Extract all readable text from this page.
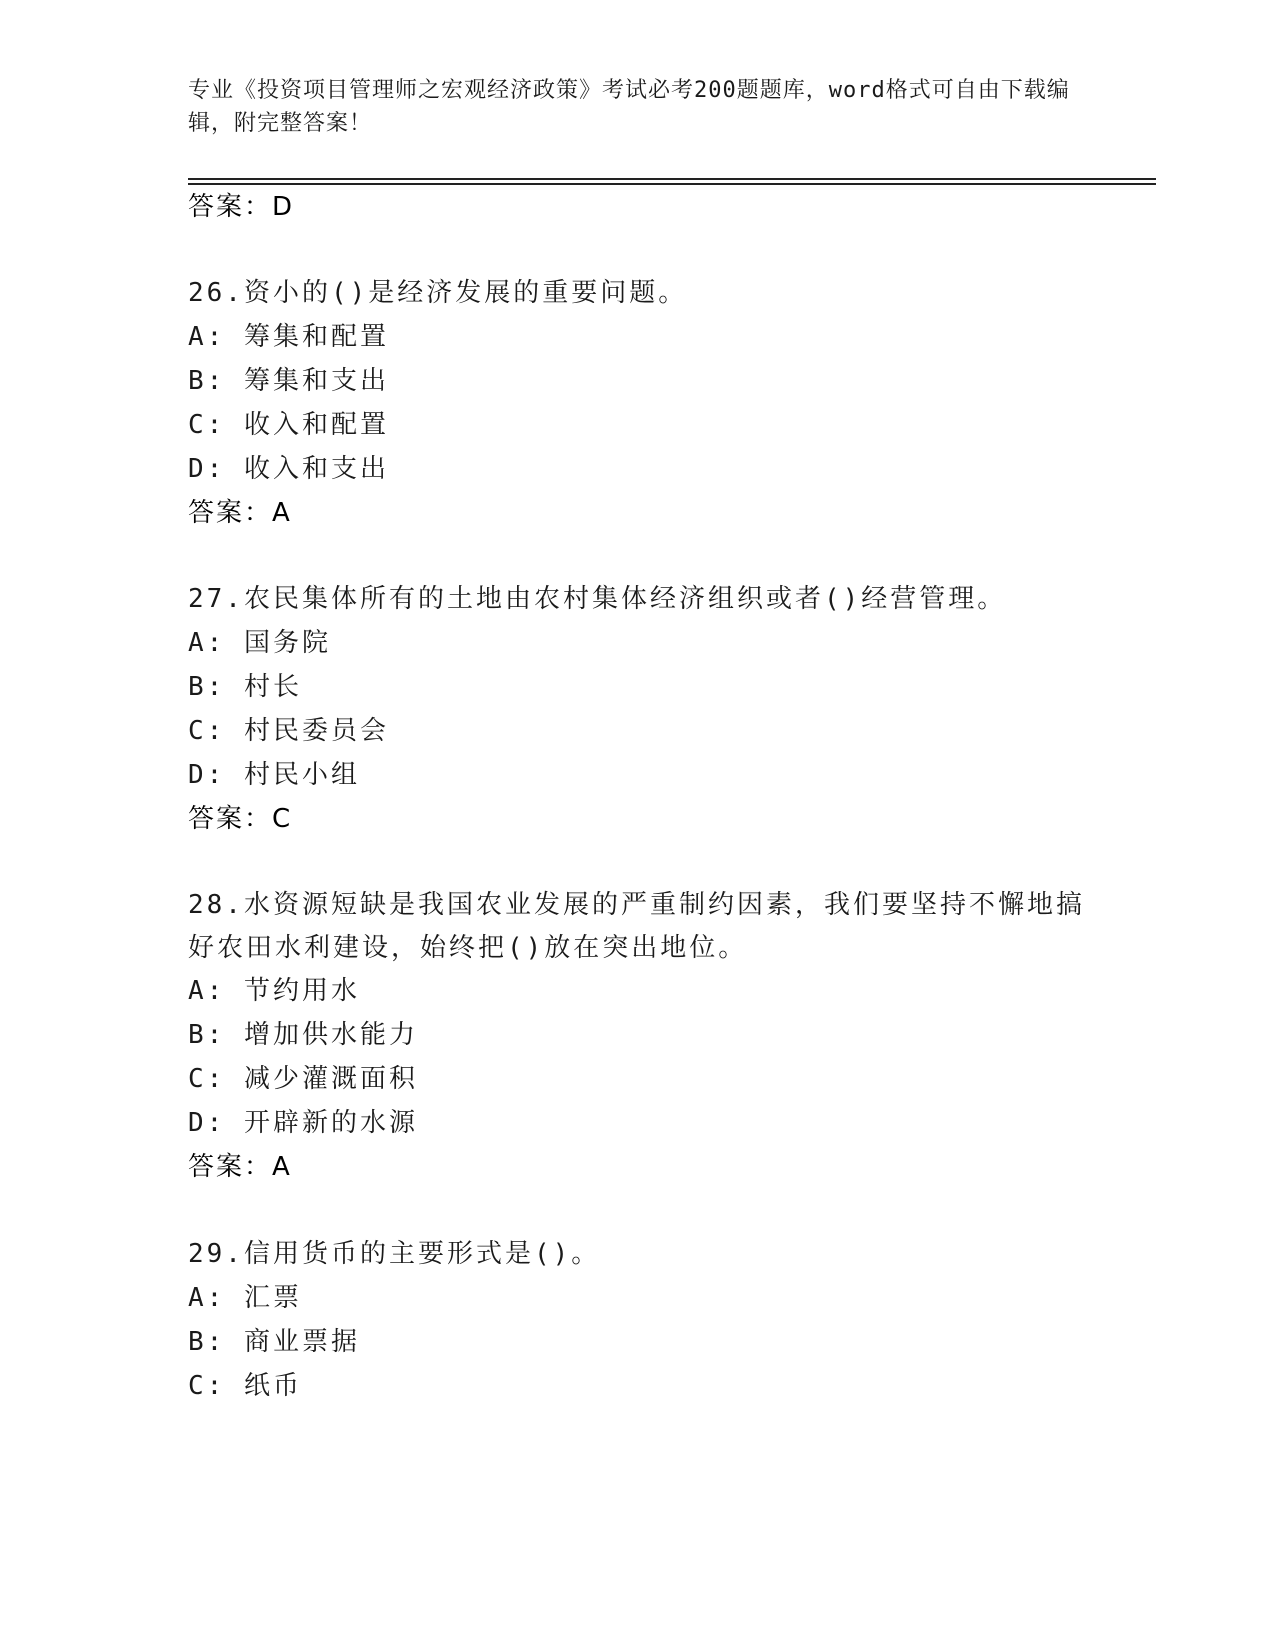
专业《投资项目管理师之宏观经济政策》考试必考200题题库，word格式可自由下载编辑，附完整答案！
答案：D
26.资小的()是经济发展的重要问题。
A: 筹集和配置
B: 筹集和支出
C: 收入和配置
D: 收入和支出
答案：A
27.农民集体所有的土地由农村集体经济组织或者()经营管理。
A: 国务院
B: 村长
C: 村民委员会
D: 村民小组
答案：C
28.水资源短缺是我国农业发展的严重制约因素，我们要坚持不懈地搞
好农田水利建设，始终把()放在突出地位。
A: 节约用水
B: 增加供水能力
C: 减少灌溉面积
D: 开辟新的水源
答案：A
29.信用货币的主要形式是()。
A: 汇票
B: 商业票据
C: 纸币
